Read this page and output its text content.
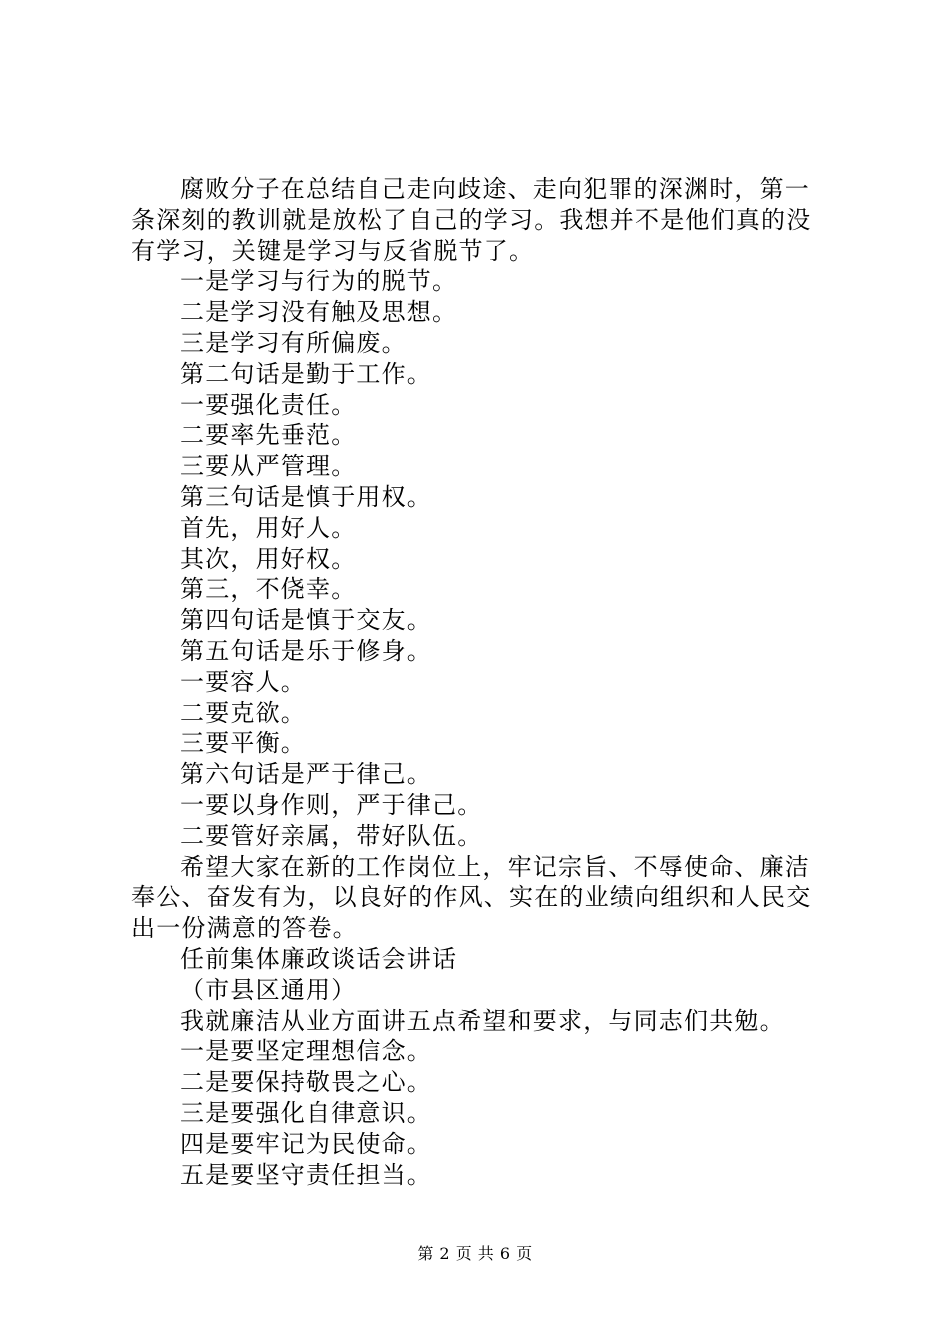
腐败分子在总结自己走向歧途、走向犯罪的深渊时，第一条深刻的教训就是放松了自己的学习。我想并不是他们真的没有学习，关键是学习与反省脱节了。

一是学习与行为的脱节。

二是学习没有触及思想。

三是学习有所偏废。

第二句话是勤于工作。

一要强化责任。

二要率先垂范。

三要从严管理。

第三句话是慎于用权。

首先，用好人。

其次，用好权。

第三，不侥幸。

第四句话是慎于交友。

第五句话是乐于修身。

一要容人。

二要克欲。

三要平衡。

第六句话是严于律己。

一要以身作则，严于律己。

二要管好亲属，带好队伍。

希望大家在新的工作岗位上，牢记宗旨、不辱使命、廉洁奉公、奋发有为，以良好的作风、实在的业绩向组织和人民交出一份满意的答卷。

任前集体廉政谈话会讲话

（市县区通用）

我就廉洁从业方面讲五点希望和要求，与同志们共勉。

一是要坚定理想信念。

二是要保持敬畏之心。

三是要强化自律意识。

四是要牢记为民使命。

五是要坚守责任担当。

第 2 页 共 6 页
